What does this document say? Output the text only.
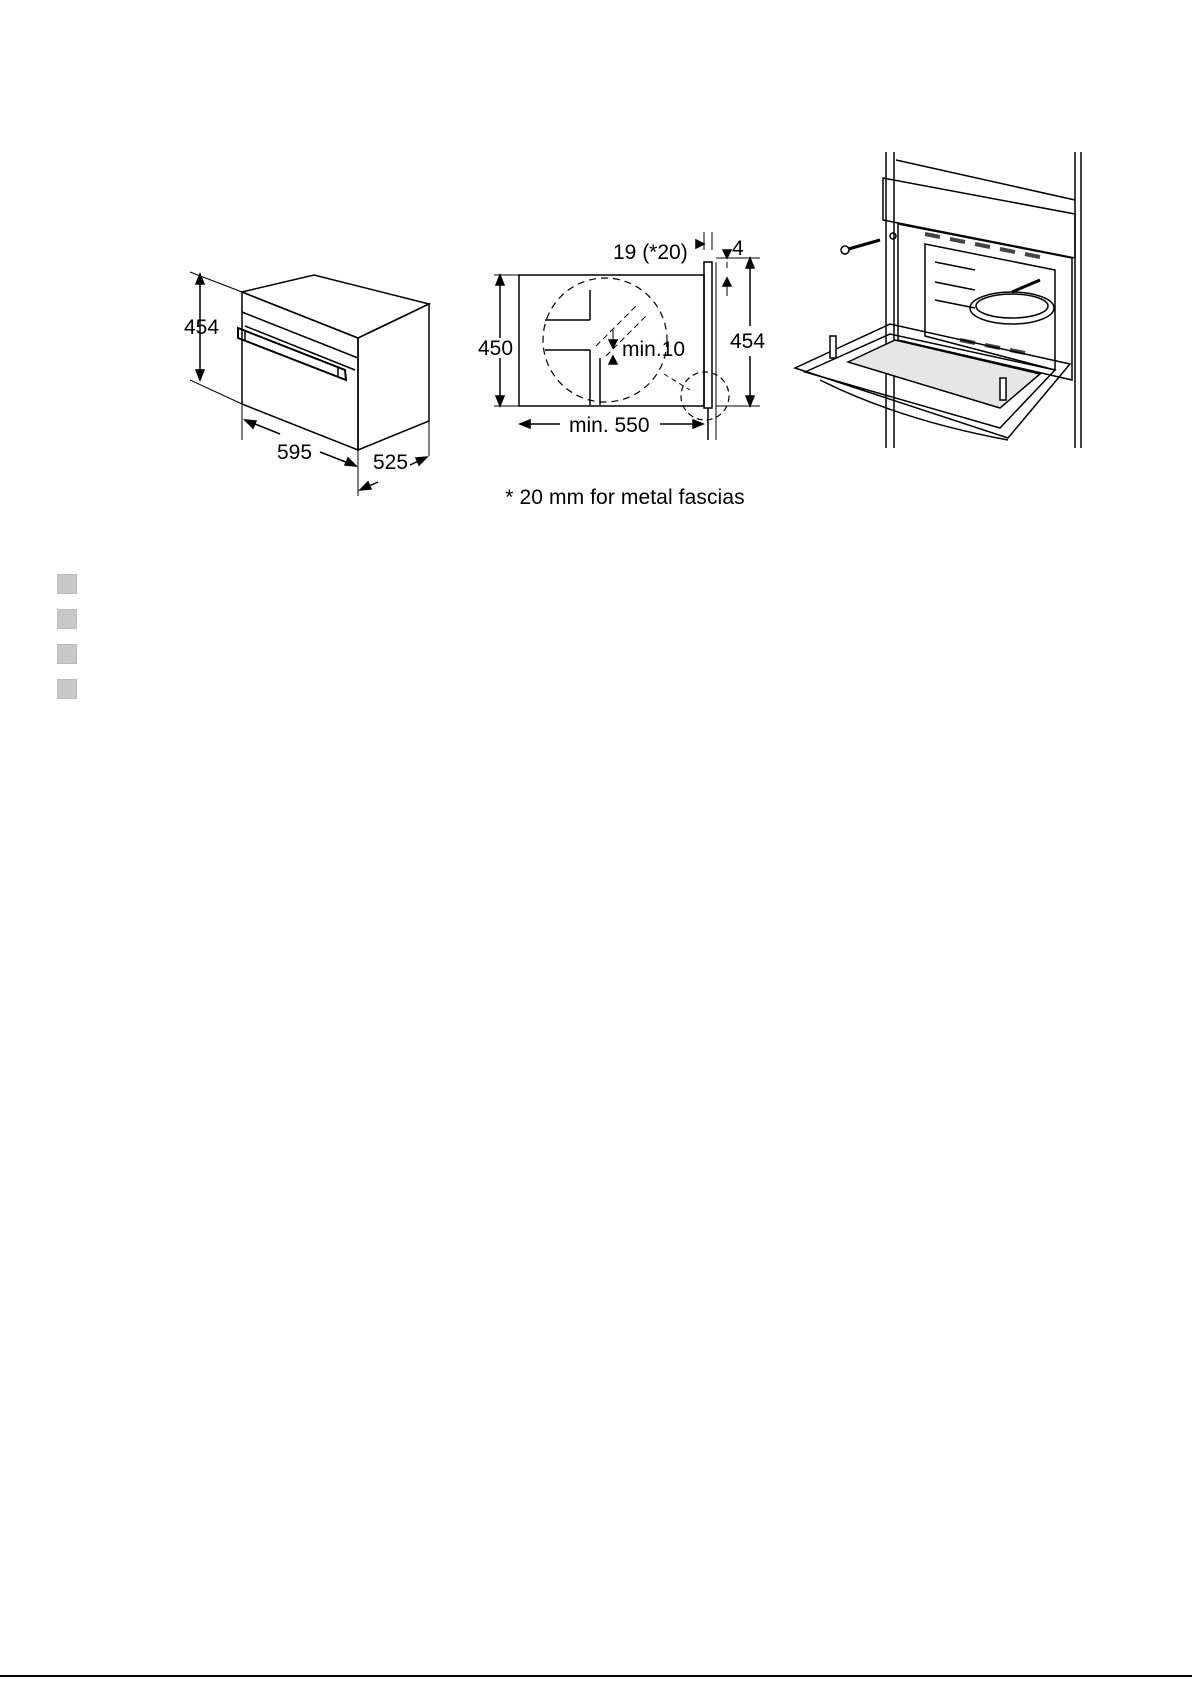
454
595	525
450
min. 550
19 (*20) 4
454
min.10
* 20 mm for metal fascias
